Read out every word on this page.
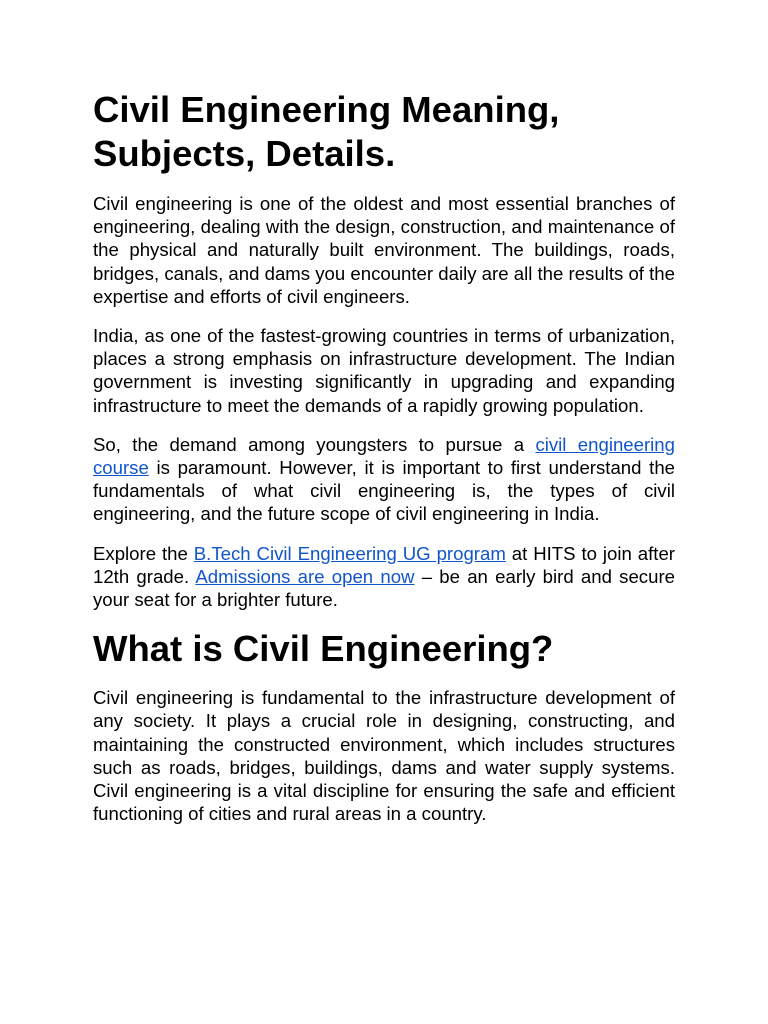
Civil Engineering Meaning, Subjects, Details.

Civil engineering is one of the oldest and most essential branches of engineering, dealing with the design, construction, and maintenance of the physical and naturally built environment. The buildings, roads, bridges, canals, and dams you encounter daily are all the results of the expertise and efforts of civil engineers.

India, as one of the fastest-growing countries in terms of urbanization, places a strong emphasis on infrastructure development. The Indian government is investing significantly in upgrading and expanding infrastructure to meet the demands of a rapidly growing population.

So, the demand among youngsters to pursue a civil engineering course is paramount. However, it is important to first understand the fundamentals of what civil engineering is, the types of civil engineering, and the future scope of civil engineering in India.

Explore the B.Tech Civil Engineering UG program at HITS to join after 12th grade. Admissions are open now – be an early bird and secure your seat for a brighter future.

What is Civil Engineering?

Civil engineering is fundamental to the infrastructure development of any society. It plays a crucial role in designing, constructing, and maintaining the constructed environment, which includes structures such as roads, bridges, buildings, dams and water supply systems. Civil engineering is a vital discipline for ensuring the safe and efficient functioning of cities and rural areas in a country.
